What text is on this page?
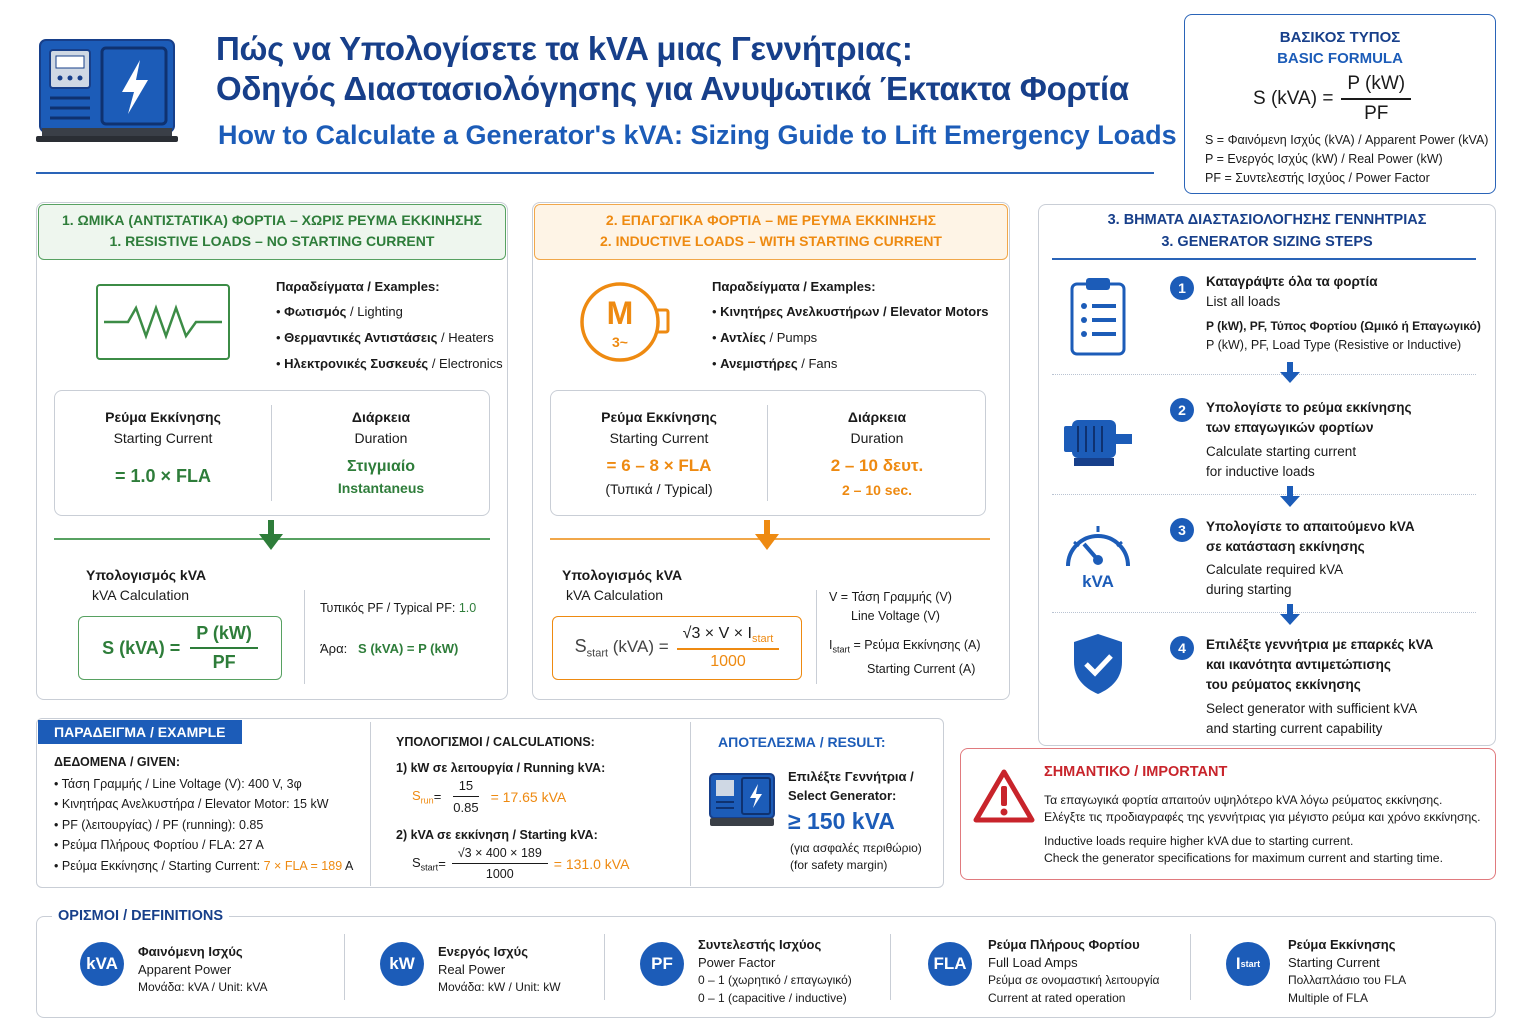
Πώς να Υπολογίσετε τα kVA μιας Γεννήτριας:
Οδηγός Διαστασιολόγησης για Ανυψωτικά Έκτακτα Φορτία
How to Calculate a Generator's kVA: Sizing Guide to Lift Emergency Loads
ΒΑΣΙΚΟΣ ΤΥΠΟΣ
BASIC FORMULA
S $(kVA) = \frac{P (kW)}{PF}$
S = Φαινόμενη Ισχύς (kVA) / Apparent Power (kVA)
P = Ενεργός Ισχύς (kW) / Real Power (kW)
PF = Συντελεστής Ισχύος / Power Factor
1. ΩΜΙΚΑ (ΑΝΤΙΣΤΑΤΙΚΑ) ΦΟΡΤΙΑ – ΧΩΡΙΣ ΡΕΥΜΑ ΕΚΚΙΝΗΣΗΣ
1. RESISTIVE LOADS – NO STARTING CURRENT
Παραδείγματα / Examples:
• Φωτισμός / Lighting
• Θερμαντικές Αντιστάσεις / Heaters
• Ηλεκτρονικές Συσκευές / Electronics
Ρεύμα Εκκίνησης
Starting Current
= 1.0 × FLA
Διάρκεια
Duration
Στιγμιαίο
Instantaneus
Υπολογισμός kVA
kVA Calculation
S $(kVA) = \frac{P (kW)}{PF}$
Τυπικός PF / Typical PF: 1.0
Άρα: S (kVA) = P (kW)
2. ΕΠΑΓΩΓΙΚΑ ΦΟΡΤΙΑ – ΜΕ ΡΕΥΜΑ ΕΚΚΙΝΗΣΗΣ
2. INDUCTIVE LOADS – WITH STARTING CURRENT
M
3~
Παραδείγματα / Examples:
• Κινητήρες Ανελκυστήρων / Elevator Motors
• Αντλίες / Pumps
• Ανεμιστήρες / Fans
Ρεύμα Εκκίνησης
Starting Current
= 6 – 8 × FLA
(Τυπικά / Typical)
Διάρκεια
Duration
2 – 10 δευτ.
2 – 10 sec.
Υπολογισμός kVA
kVA Calculation
$S_{start}$ $(kVA) = \frac{√3 \times V \times I_{start}}{1000}$
V = Τάση Γραμμής (V)
Line Voltage (V)
$I_{start} = P\varepsilon ύ\mu\alpha$ Εκκίνησης (A)
Starting Current (A)
3. ΒΗΜΑΤΑ ΔΙΑΣΤΑΣΙΟΛΟΓΗΣΗΣ ΓΕΝΝΗΤΡΙΑΣ
3. GENERATOR SIZING STEPS
kVA
1	Καταγράψτε όλα τα φορτία
List all loads
P (kW), PF, Τύπος Φορτίου (Ωμικό ή Επαγωγικό)
P (kW), PF, Load Type (Resistive or Inductive)
2	Υπολογίστε το ρεύμα εκκίνησης
των επαγωγικών φορτίων
Calculate starting current
for inductive loads
3	Υπολογίστε το απαιτούμενο kVA
σε κατάσταση εκκίνησης
Calculate required kVA
during starting
4	Επιλέξτε γεννήτρια με επαρκές kVA
και ικανότητα αντιμετώπισης
του ρεύματος εκκίνησης
Select generator with sufficient kVA
and starting current capability
ΠΑΡΑΔΕΙΓΜΑ / EXAMPLE
ΔΕΔΟΜΕΝΑ / GIVEN:
• Τάση Γραμμής / Line Voltage (V): 400 V, 3φ
• Κινητήρας Ανελκυστήρα / Elevator Motor: 15 kW
• PF (λειτουργίας) / PF (running): 0.85
• Ρεύμα Πλήρους Φορτίου / FLA: 27 A
• Ρεύμα Εκκίνησης / Starting Current: 7 × FLA = 189 A
ΥΠΟΛΟΓΙΣΜΟΙ / CALCULATIONS:
1) kW σε λειτουργία / Running kVA:
$S_{run} = \frac{15}{0.85} = 17.65$ kVA
2) kVA σε εκκίνηση / Starting kVA:
$S_{start} = \frac{√3 \times 400 \times 189}{1000} = 131.0$ kVA
ΑΠΟΤΕΛΕΣΜΑ / RESULT:
Επιλέξτε Γεννήτρια /
Select Generator:
≥ 150 kVA
(για ασφαλές περιθώριο)
(for safety margin)
ΣΗΜΑΝΤΙΚΟ / IMPORTANT
Τα επαγωγικά φορτία απαιτούν υψηλότερο kVA λόγω ρεύματος εκκίνησης.
Ελέγξτε τις προδιαγραφές της γεννήτριας για μέγιστο ρεύμα και χρόνο εκκίνησης.
Inductive loads require higher kVA due to starting current.
Check the generator specifications for maximum current and starting time.
ΟΡΙΣΜΟΙ / DEFINITIONS
kVA
Φαινόμενη Ισχύς
Apparent Power
Μονάδα: kVA / Unit: kVA
kW
Ενεργός Ισχύς
Real Power
Μονάδα: kW / Unit: kW
PF
Συντελεστής Ισχύος
Power Factor
0 – 1 (χωρητικό / επαγωγικό)
0 – 1 (capacitive / inductive)
FLA
Ρεύμα Πλήρους Φορτίου
Full Load Amps
Ρεύμα σε ονομαστική λειτουργία
Current at rated operation
I start
Ρεύμα Εκκίνησης
Starting Current
Πολλαπλάσιο του FLA
Multiple of FLA
